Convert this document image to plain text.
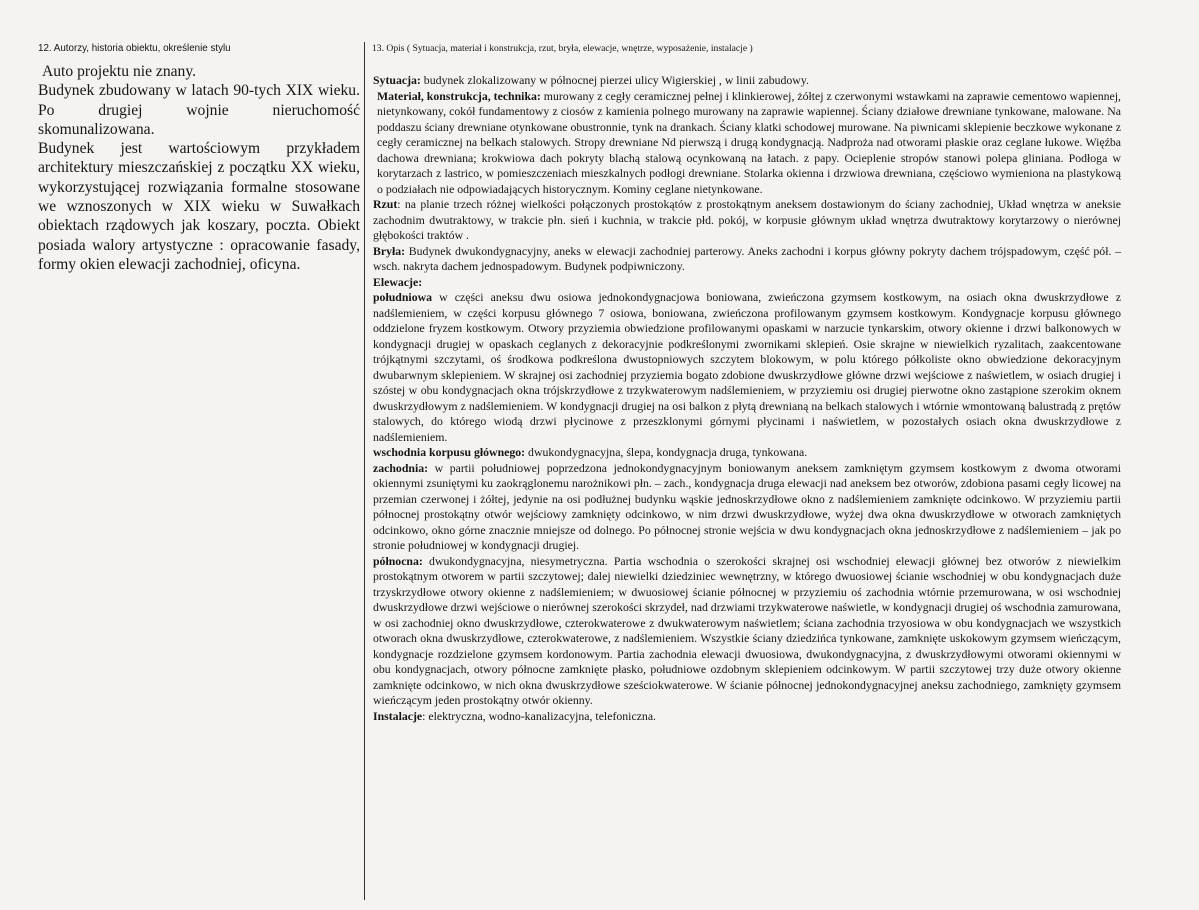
12. Autorzy, historia obiektu, określenie stylu	13. Opis ( Sytuacja, materiał i konstrukcja, rzut, bryła, elewacje, wnętrze, wyposażenie, instalacje )

Auto projektu nie znany.

Budynek zbudowany w latach 90-tych XIX wieku. Po drugiej wojnie nieruchomość skomunalizowana.

Budynek jest wartościowym przykładem architektury mieszczańskiej z początku XX wieku, wykorzystującej rozwiązania formalne stosowane we wznoszonych w XIX wieku w Suwałkach obiektach rządowych jak koszary, poczta. Obiekt posiada walory artystyczne : opracowanie fasady, formy okien elewacji zachodniej, oficyna.

Sytuacja: budynek zlokalizowany w północnej pierzei ulicy Wigierskiej , w linii zabudowy.

Materiał, konstrukcja, technika: murowany z cegły ceramicznej pełnej i klinkierowej, żółtej z czerwonymi wstawkami na zaprawie cementowo wapiennej, nietynkowany, cokół fundamentowy z ciosów z kamienia polnego murowany na zaprawie wapiennej. Ściany działowe drewniane tynkowane, malowane. Na poddaszu ściany drewniane otynkowane obustronnie, tynk na drankach. Ściany klatki schodowej murowane. Na piwnicami sklepienie beczkowe wykonane z cegły ceramicznej na belkach stalowych. Stropy drewniane Nd pierwszą i drugą kondygnacją. Nadproża nad otworami płaskie oraz ceglane łukowe. Więźba dachowa drewniana; krokwiowa dach pokryty blachą stalową ocynkowaną na łatach. z papy. Ocieplenie stropów stanowi polepa gliniana. Podłoga w korytarzach z lastrico, w pomieszczeniach mieszkalnych podłogi drewniane. Stolarka okienna i drzwiowa drewniana, częściowo wymieniona na plastykową o podziałach nie odpowiadających historycznym. Kominy ceglane nietynkowane.

Rzut: na planie trzech różnej wielkości połączonych prostokątów z prostokątnym aneksem dostawionym do ściany zachodniej, Układ wnętrza w aneksie zachodnim dwutraktowy, w trakcie płn. sień i kuchnia, w trakcie płd. pokój, w korpusie głównym układ wnętrza dwutraktowy korytarzowy o nierównej głębokości traktów .

Bryła: Budynek dwukondygnacyjny, aneks w elewacji zachodniej parterowy. Aneks zachodni i korpus główny pokryty dachem trójspadowym, część pół. –wsch. nakryta dachem jednospadowym. Budynek podpiwniczony.

Elewacje:

południowa w części aneksu dwu osiowa jednokondygnacjowa boniowana, zwieńczona gzymsem kostkowym, na osiach okna dwuskrzydłowe z nadślemieniem, w części korpusu głównego 7 osiowa, boniowana, zwieńczona profilowanym gzymsem kostkowym. Kondygnacje korpusu głównego oddzielone fryzem kostkowym. Otwory przyziemia obwiedzione profilowanymi opaskami w narzucie tynkarskim, otwory okienne i drzwi balkonowych w kondygnacji drugiej w opaskach ceglanych z dekoracyjnie podkreślonymi zwornikami sklepień. Osie skrajne w niewielkich ryzalitach, zaakcentowane trójkątnymi szczytami, oś środkowa podkreślona dwustopniowych szczytem blokowym, w polu którego półkoliste okno obwiedzione dekoracyjnym dwubarwnym sklepieniem. W skrajnej osi zachodniej przyziemia bogato zdobione dwuskrzydłowe główne drzwi wejściowe z naświetlem, w osiach drugiej i szóstej w obu kondygnacjach okna trójskrzydłowe z trzykwaterowym nadślemieniem, w przyziemiu osi drugiej pierwotne okno zastąpione szerokim oknem dwuskrzydłowym z nadślemieniem. W kondygnacji drugiej na osi balkon z płytą drewnianą na belkach stalowych i wtórnie wmontowaną balustradą z prętów stalowych, do którego wiodą drzwi płycinowe z przeszklonymi górnymi płycinami i naświetlem, w pozostałych osiach okna dwuskrzydłowe z nadślemieniem.

wschodnia korpusu głównego: dwukondygnacyjna, ślepa, kondygnacja druga, tynkowana.

zachodnia: w partii południowej poprzedzona jednokondygnacyjnym boniowanym aneksem zamkniętym gzymsem kostkowym z dwoma otworami okiennymi zsuniętymi ku zaokrąglonemu narożnikowi płn. – zach., kondygnacja druga elewacji nad aneksem bez otworów, zdobiona pasami cegły licowej na przemian czerwonej i żółtej, jedynie na osi podłużnej budynku wąskie jednoskrzydłowe okno z nadślemieniem zamknięte odcinkowo. W przyziemiu partii północnej prostokątny otwór wejściowy zamknięty odcinkowo, w nim drzwi dwuskrzydłowe, wyżej dwa okna dwuskrzydłowe w otworach zamkniętych odcinkowo, okno górne znacznie mniejsze od dolnego. Po północnej stronie wejścia w dwu kondygnacjach okna jednoskrzydłowe z nadślemieniem – jak po stronie południowej w kondygnacji drugiej.

północna: dwukondygnacyjna, niesymetryczna. Partia wschodnia o szerokości skrajnej osi wschodniej elewacji głównej bez otworów z niewielkim prostokątnym otworem w partii szczytowej; dalej niewielki dziedziniec wewnętrzny, w którego dwuosiowej ścianie wschodniej w obu kondygnacjach duże trzyskrzydłowe otwory okienne z nadślemieniem; w dwuosiowej ścianie północnej w przyziemiu oś zachodnia wtórnie przemurowana, w osi wschodniej dwuskrzydłowe drzwi wejściowe o nierównej szerokości skrzydeł, nad drzwiami trzykwaterowe naświetle, w kondygnacji drugiej oś wschodnia zamurowana, w osi zachodniej okno dwuskrzydłowe, czterokwaterowe z dwukwaterowym naświetlem; ściana zachodnia trzyosiowa w obu kondygnacjach we wszystkich otworach okna dwuskrzydłowe, czterokwaterowe, z nadślemieniem. Wszystkie ściany dziedzińca tynkowane, zamknięte uskokowym gzymsem wieńczącym, kondygnacje rozdzielone gzymsem kordonowym. Partia zachodnia elewacji dwuosiowa, dwukondygnacyjna, z dwuskrzydłowymi otworami okiennymi w obu kondygnacjach, otwory północne zamknięte płasko, południowe ozdobnym sklepieniem odcinkowym. W partii szczytowej trzy duże otwory okienne zamknięte odcinkowo, w nich okna dwuskrzydłowe sześciokwaterowe. W ścianie północnej jednokondygnacyjnej aneksu zachodniego, zamknięty gzymsem wieńczącym jeden prostokątny otwór okienny.

Instalacje: elektryczna, wodno-kanalizacyjna, telefoniczna.
